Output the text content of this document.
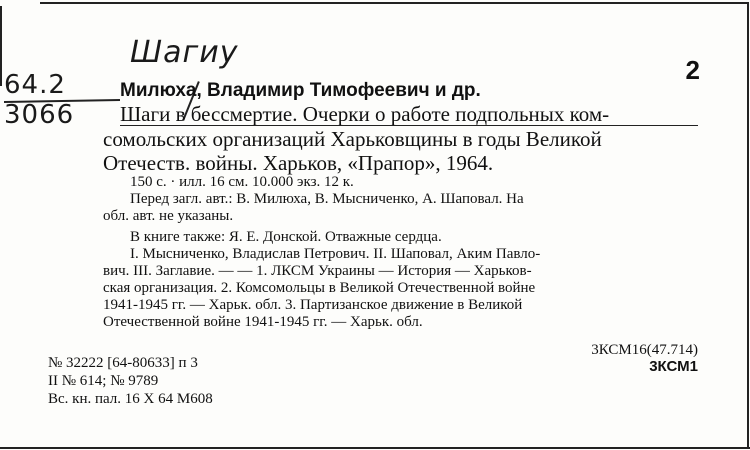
Шагиу
64.2
3066
2
Милюха, Владимир Тимофеевич и др.
Шаги в бессмертие. Очерки о работе подпольных ком-
сомольских организаций Харьковщины в годы Великой
Отечеств. войны. Харьков, «Прапор», 1964.
150 с. · илл. 16 см. 10.000 экз. 12 к.
Перед загл. авт.: В. Милюха, В. Мысниченко, А. Шаповал. На
обл. авт. не указаны.
В книге также: Я. Е. Донской. Отважные сердца.
I. Мысниченко, Владислав Петрович. II. Шаповал, Аким Павло-
вич. III. Заглавие. — — 1. ЛКСМ Украины — История — Харьков-
ская организация. 2. Комсомольцы в Великой Отечественной войне
1941-1945 гг. — Харьк. обл. 3. Партизанское движение в Великой
Отечественной войне 1941-1945 гг. — Харьк. обл.
3КСМ16(47.714)
3КСМ1
№ 32222 [64-80633] п 3
II № 614; № 9789
Вс. кн. пал. 16 Х 64 М608
